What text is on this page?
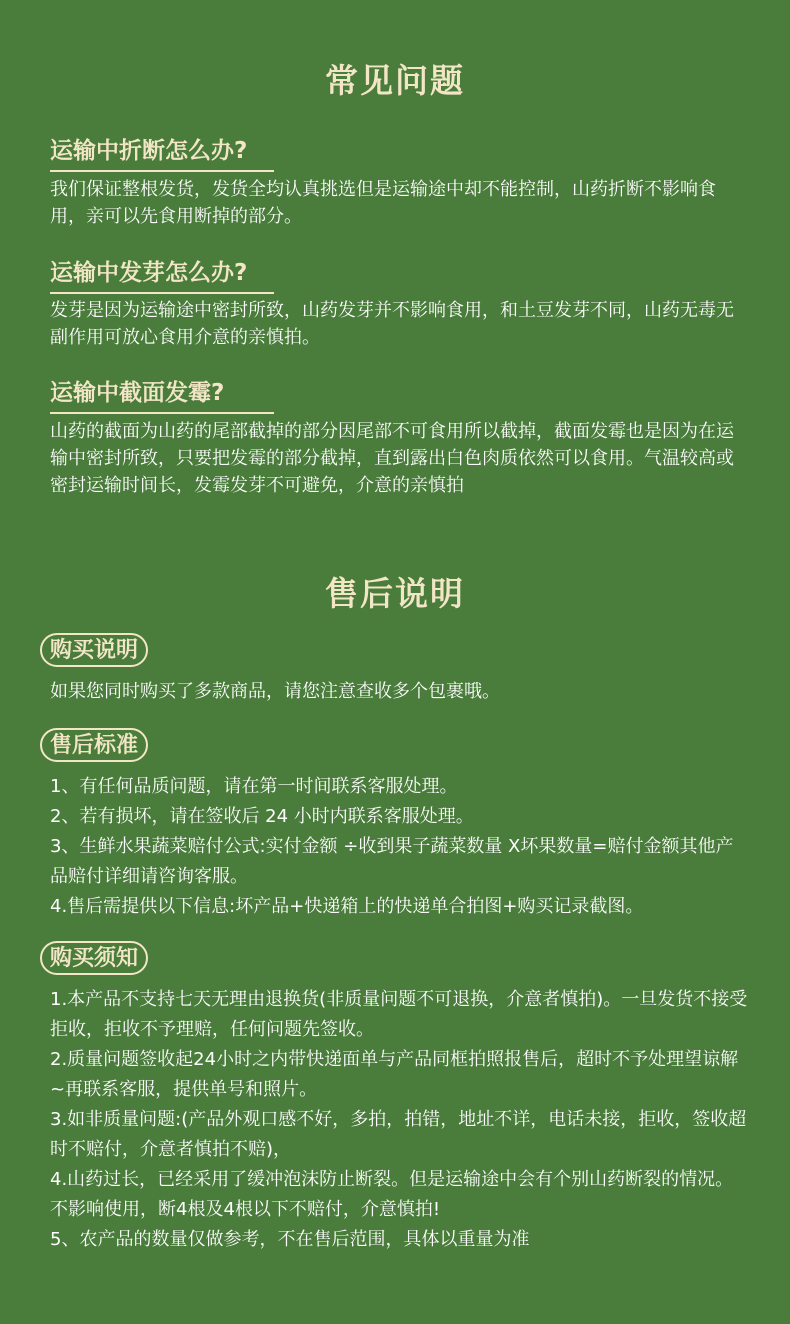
常见问题
运输中折断怎么办?
我们保证整根发货，发货全均认真挑选但是运输途中却不能控制，山药折断不影响食用，亲可以先食用断掉的部分。
运输中发芽怎么办?
发芽是因为运输途中密封所致，山药发芽并不影响食用，和土豆发芽不同，山药无毒无副作用可放心食用介意的亲慎拍。
运输中截面发霉?
山药的截面为山药的尾部截掉的部分因尾部不可食用所以截掉，截面发霉也是因为在运输中密封所致，只要把发霉的部分截掉，直到露出白色肉质依然可以食用。气温较高或密封运输时间长，发霉发芽不可避免，介意的亲慎拍
售后说明
购买说明

如果您同时购买了多款商品，请您注意查收多个包裹哦。

售后标准

1、有任何品质问题，请在第一时间联系客服处理。

2、若有损坏，请在签收后 24 小时内联系客服处理。

3、生鲜水果蔬菜赔付公式:实付金额 ÷收到果子蔬菜数量 X坏果数量=赔付金额其他产品赔付详细请咨询客服。

4.售后需提供以下信息:坏产品+快递箱上的快递单合拍图+购买记录截图。

购买须知

1.本产品不支持七天无理由退换货(非质量问题不可退换，介意者慎拍)。一旦发货不接受拒收，拒收不予理赔，任何问题先签收。

2.质量问题签收起24小时之内带快递面单与产品同框拍照报售后，超时不予处理望谅解~再联系客服，提供单号和照片。

3.如非质量问题:(产品外观口感不好，多拍，拍错，地址不详，电话未接，拒收，签收超时不赔付，介意者慎拍不赔)，

4.山药过长，已经采用了缓冲泡沫防止断裂。但是运输途中会有个别山药断裂的情况。不影响使用，断4根及4根以下不赔付，介意慎拍!

5、农产品的数量仅做参考，不在售后范围，具体以重量为准
